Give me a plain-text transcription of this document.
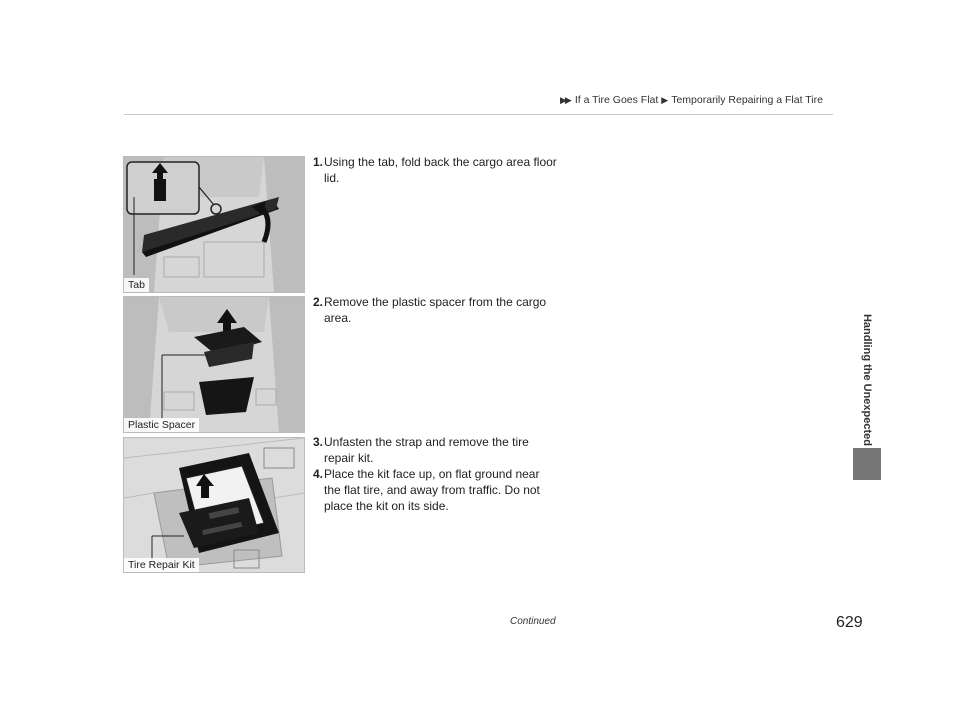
▶▶ If a Tire Goes Flat ▶ Temporarily Repairing a Flat Tire
Handling the Unexpected
Tab
Plastic Spacer
Tire Repair Kit
1. Using the tab, fold back the cargo area floor lid.
2. Remove the plastic spacer from the cargo area.
3. Unfasten the strap and remove the tire repair kit.
4. Place the kit face up, on flat ground near the flat tire, and away from traffic. Do not place the kit on its side.
Continued	629
